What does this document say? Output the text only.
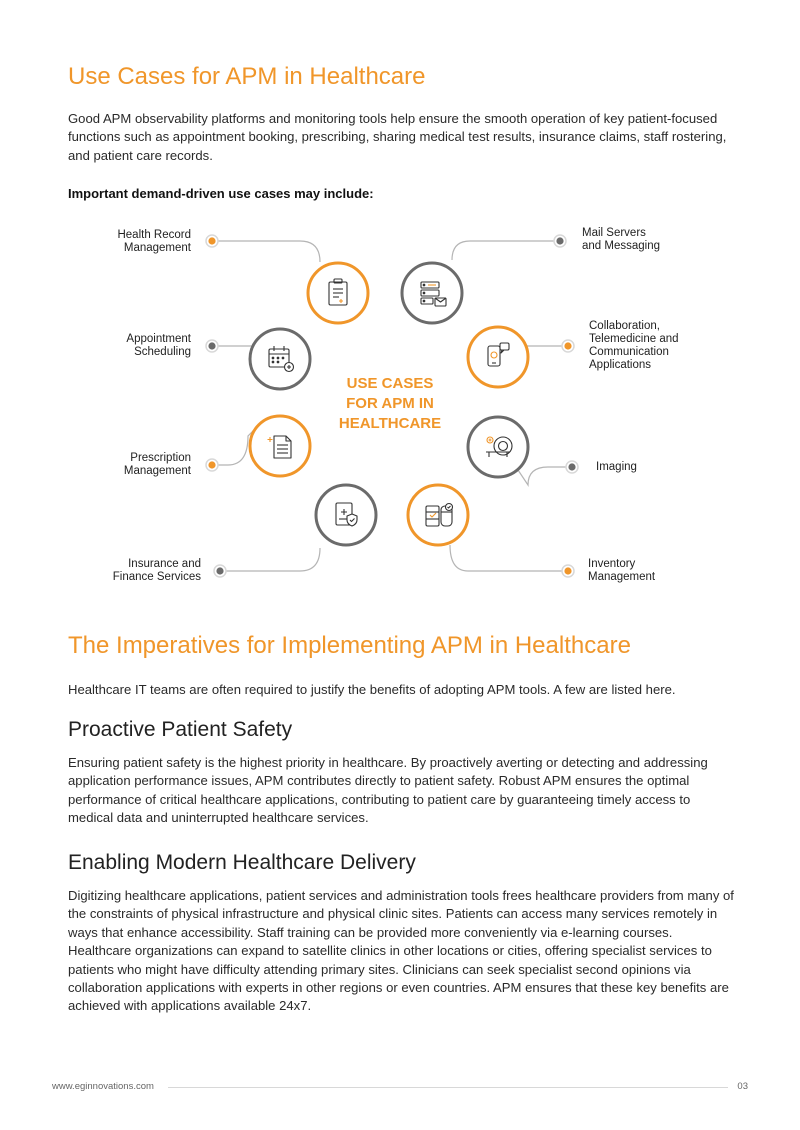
Use Cases for APM in Healthcare

Good APM observability platforms and monitoring tools help ensure the smooth operation of key patient-focused functions such as appointment booking, prescribing, sharing medical test results, insurance claims, staff rostering, and patient care records.

Important demand-driven use cases may include:

USE CASES
FOR APM IN
HEALTHCARE
Health Record
Management
Appointment
Scheduling
Prescription
Management
Insurance and
Finance Services
Mail Servers
and Messaging
Collaboration,
Telemedicine and
Communication
Applications
Imaging
Inventory
Management
The Imperatives for Implementing APM in Healthcare

Healthcare IT teams are often required to justify the benefits of adopting APM tools. A few are listed here.

Proactive Patient Safety

Ensuring patient safety is the highest priority in healthcare. By proactively averting or detecting and addressing application performance issues, APM contributes directly to patient safety. Robust APM ensures the optimal performance of critical healthcare applications, contributing to patient care by guaranteeing timely access to medical data and uninterrupted healthcare services.

Enabling Modern Healthcare Delivery

Digitizing healthcare applications, patient services and administration tools frees healthcare providers from many of the constraints of physical infrastructure and physical clinic sites. Patients can access many services remotely in ways that enhance accessibility. Staff training can be provided more conveniently via e-learning courses. Healthcare organizations can expand to satellite clinics in other locations or cities, offering specialist services to patients who might have difficulty attending primary sites. Clinicians can seek specialist second opinions via collaboration applications with experts in other regions or even countries. APM ensures that these key benefits are achieved with applications available 24x7.

www.eginnovations.com	03
